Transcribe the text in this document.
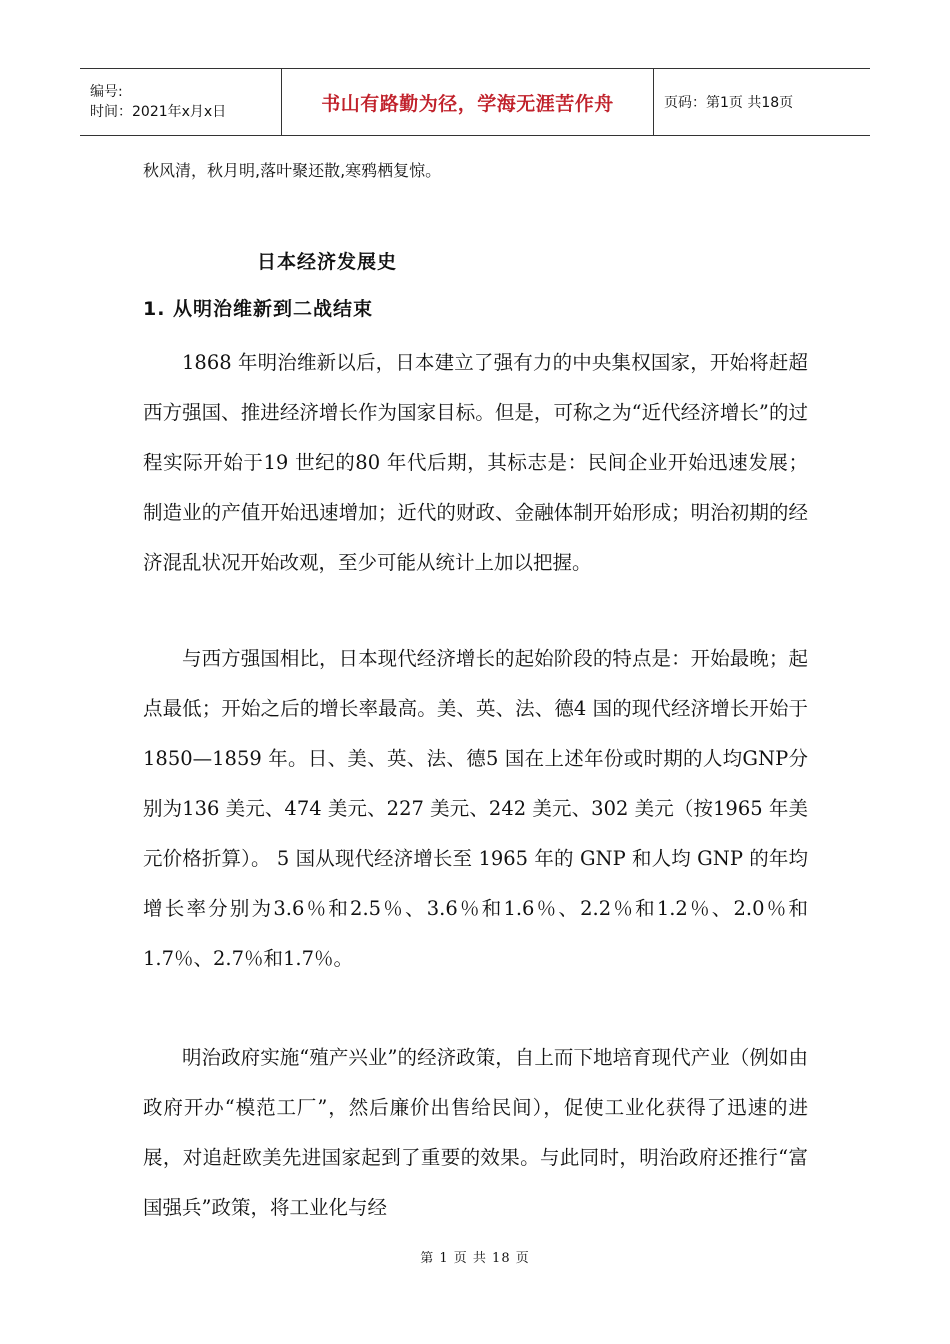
编号:
时间：2021年x月x日	书山有路勤为径，学海无涯苦作舟	页码：第1页 共18页
秋风清，秋月明,落叶聚还散,寒鸦栖复惊。
日本经济发展史
1. 从明治维新到二战结束

1868 年明治维新以后，日本建立了强有力的中央集权国家，开始将赶超西方强国、推进经济增长作为国家目标。但是，可称之为“近代经济增长”的过程实际开始于19 世纪的80 年代后期，其标志是：民间企业开始迅速发展；制造业的产值开始迅速增加；近代的财政、金融体制开始形成；明治初期的经济混乱状况开始改观，至少可能从统计上加以把握。

与西方强国相比，日本现代经济增长的起始阶段的特点是：开始最晚；起点最低；开始之后的增长率最高。美、英、法、德4 国的现代经济增长开始于1850—1859 年。日、美、英、法、德5 国在上述年份或时期的人均GNP分别为136 美元、474 美元、227 美元、242 美元、302 美元（按1965 年美元价格折算）。 5 国从现代经济增长至 1965 年的 GNP 和人均 GNP 的年均增长率分别为3.6％和2.5％、3.6％和1.6％、2.2％和1.2％、2.0％和1.7％、2.7％和1.7％。

明治政府实施“殖产兴业”的经济政策，自上而下地培育现代产业（例如由政府开办“模范工厂”，然后廉价出售给民间），促使工业化获得了迅速的进展，对追赶欧美先进国家起到了重要的效果。与此同时，明治政府还推行“富国强兵”政策，将工业化与经

第 1 页 共 18 页
